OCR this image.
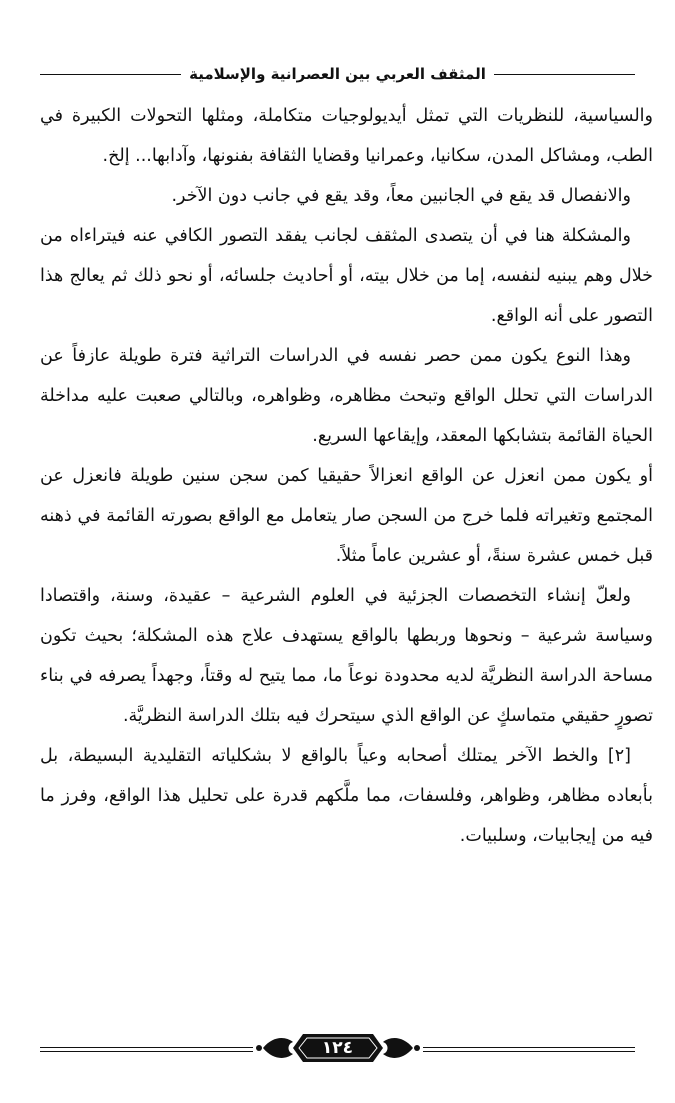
المثقف العربي بين العصرانية والإسلامية

والسياسية، للنظريات التي تمثل أيديولوجيات متكاملة، ومثلها التحولات الكبيرة في الطب، ومشاكل المدن، سكانيا، وعمرانيا وقضايا الثقافة بفنونها، وآدابها... إلخ.

والانفصال قد يقع في الجانبين معاً، وقد يقع في جانب دون الآخر.

والمشكلة هنا في أن يتصدى المثقف لجانب يفقد التصور الكافي عنه فيتراءاه من خلال وهم يبنيه لنفسه، إما من خلال بيته، أو أحاديث جلسائه، أو نحو ذلك ثم يعالج هذا التصور على أنه الواقع.

وهذا النوع يكون ممن حصر نفسه في الدراسات التراثية فترة طويلة عازفاً عن الدراسات التي تحلل الواقع وتبحث مظاهره، وظواهره، وبالتالي صعبت عليه مداخلة الحياة القائمة بتشابكها المعقد، وإيقاعها السريع.

أو يكون ممن انعزل عن الواقع انعزالاً حقيقيا كمن سجن سنين طويلة فانعزل عن المجتمع وتغيراته فلما خرج من السجن صار يتعامل مع الواقع بصورته القائمة في ذهنه قبل خمس عشرة سنةً، أو عشرين عاماً مثلاً.

ولعلّ إنشاء التخصصات الجزئية في العلوم الشرعية – عقيدة، وسنة، واقتصادا وسياسة شرعية – ونحوها وربطها بالواقع يستهدف علاج هذه المشكلة؛ بحيث تكون مساحة الدراسة النظريَّة لديه محدودة نوعاً ما، مما يتيح له وقتاً، وجهداً يصرفه في بناء تصورٍ حقيقي متماسكٍ عن الواقع الذي سيتحرك فيه بتلك الدراسة النظريَّة.

[٢] والخط الآخر يمتلك أصحابه وعياً بالواقع لا بشكلياته التقليدية البسيطة، بل بأبعاده مظاهر، وظواهر، وفلسفات، مما ملَّكهم قدرة على تحليل هذا الواقع، وفرز ما فيه من إيجابيات، وسلبيات.

١٢٤
